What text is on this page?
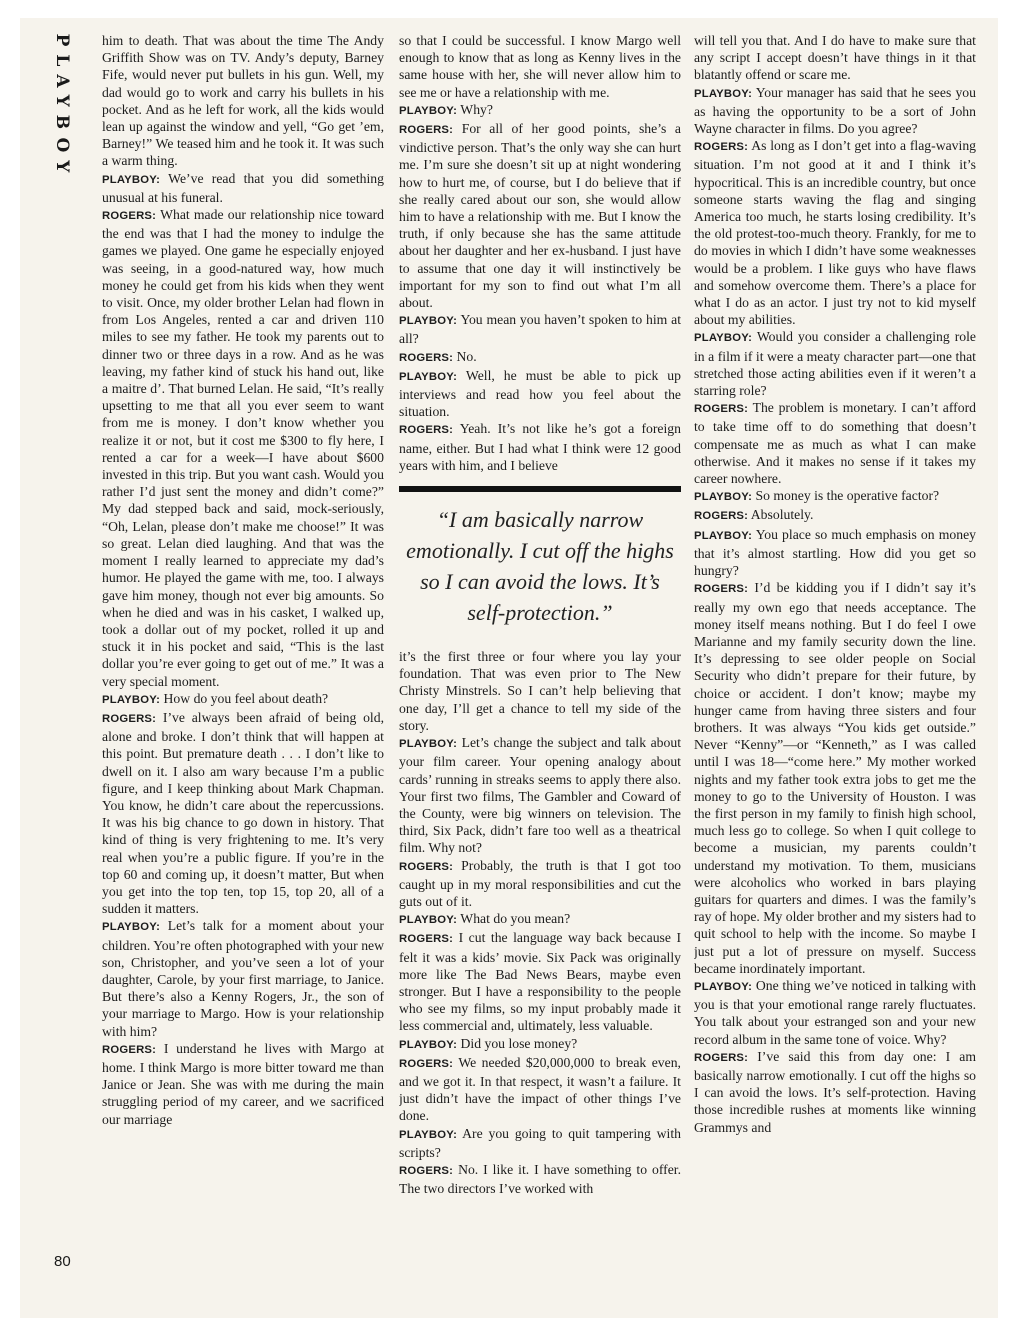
PLAYBOY him to death. That was about the time The Andy Griffith Show was on TV. Andy’s deputy, Barney Fife, would never put bullets in his gun. Well, my dad would go to work and carry his bullets in his pocket. And as he left for work, all the kids would lean up against the window and yell, “Go get ’em, Barney!” We teased him and he took it. It was such a warm thing.

PLAYBOY: We’ve read that you did something unusual at his funeral.

ROGERS: What made our relationship nice toward the end was that I had the money to indulge the games we played. One game he especially enjoyed was seeing, in a good-natured way, how much money he could get from his kids when they went to visit. Once, my older brother Lelan had flown in from Los Angeles, rented a car and driven 110 miles to see my father. He took my parents out to dinner two or three days in a row. And as he was leaving, my father kind of stuck his hand out, like a maitre d’. That burned Lelan. He said, “It’s really upsetting to me that all you ever seem to want from me is money. I don’t know whether you realize it or not, but it cost me $300 to fly here, I rented a car for a week—I have about $600 invested in this trip. But you want cash. Would you rather I’d just sent the money and didn’t come?” My dad stepped back and said, mock-seriously, “Oh, Lelan, please don’t make me choose!” It was so great. Lelan died laughing. And that was the moment I really learned to appreciate my dad’s humor. He played the game with me, too. I always gave him money, though not ever big amounts. So when he died and was in his casket, I walked up, took a dollar out of my pocket, rolled it up and stuck it in his pocket and said, “This is the last dollar you’re ever going to get out of me.” It was a very special moment.

PLAYBOY: How do you feel about death?

ROGERS: I’ve always been afraid of being old, alone and broke. I don’t think that will happen at this point. But premature death . . . I don’t like to dwell on it. I also am wary because I’m a public figure, and I keep thinking about Mark Chapman. You know, he didn’t care about the repercussions. It was his big chance to go down in history. That kind of thing is very frightening to me. It’s very real when you’re a public figure. If you’re in the top 60 and coming up, it doesn’t matter, But when you get into the top ten, top 15, top 20, all of a sudden it matters.

PLAYBOY: Let’s talk for a moment about your children. You’re often photographed with your new son, Christopher, and you’ve seen a lot of your daughter, Carole, by your first marriage, to Janice. But there’s also a Kenny Rogers, Jr., the son of your marriage to Margo. How is your relationship with him?

ROGERS: I understand he lives with Margo at home. I think Margo is more bitter toward me than Janice or Jean. She was with me during the main struggling period of my career, and we sacrificed our marriage

so that I could be successful. I know Margo well enough to know that as long as Kenny lives in the same house with her, she will never allow him to see me or have a relationship with me.

PLAYBOY: Why?

ROGERS: For all of her good points, she’s a vindictive person. That’s the only way she can hurt me. I’m sure she doesn’t sit up at night wondering how to hurt me, of course, but I do believe that if she really cared about our son, she would allow him to have a relationship with me. But I know the truth, if only because she has the same attitude about her daughter and her ex-husband. I just have to assume that one day it will instinctively be important for my son to find out what I’m all about.

PLAYBOY: You mean you haven’t spoken to him at all?

ROGERS: No.

PLAYBOY: Well, he must be able to pick up interviews and read how you feel about the situation.

ROGERS: Yeah. It’s not like he’s got a foreign name, either. But I had what I think were 12 good years with him, and I believe

“I am basically narrow emotionally. I cut off the highs so I can avoid the lows. It’s self-protection.”

it’s the first three or four where you lay your foundation. That was even prior to The New Christy Minstrels. So I can’t help believing that one day, I’ll get a chance to tell my side of the story.

PLAYBOY: Let’s change the subject and talk about your film career. Your opening analogy about cards’ running in streaks seems to apply there also. Your first two films, The Gambler and Coward of the County, were big winners on television. The third, Six Pack, didn’t fare too well as a theatrical film. Why not?

ROGERS: Probably, the truth is that I got too caught up in my moral responsibilities and cut the guts out of it.

PLAYBOY: What do you mean?

ROGERS: I cut the language way back because I felt it was a kids’ movie. Six Pack was originally more like The Bad News Bears, maybe even stronger. But I have a responsibility to the people who see my films, so my input probably made it less commercial and, ultimately, less valuable.

PLAYBOY: Did you lose money?

ROGERS: We needed $20,000,000 to break even, and we got it. In that respect, it wasn’t a failure. It just didn’t have the impact of other things I’ve done.

PLAYBOY: Are you going to quit tampering with scripts?

ROGERS: No. I like it. I have something to offer. The two directors I’ve worked with

will tell you that. And I do have to make sure that any script I accept doesn’t have things in it that blatantly offend or scare me.

PLAYBOY: Your manager has said that he sees you as having the opportunity to be a sort of John Wayne character in films. Do you agree?

ROGERS: As long as I don’t get into a flag-waving situation. I’m not good at it and I think it’s hypocritical. This is an incredible country, but once someone starts waving the flag and singing America too much, he starts losing credibility. It’s the old protest-too-much theory. Frankly, for me to do movies in which I didn’t have some weaknesses would be a problem. I like guys who have flaws and somehow overcome them. There’s a place for what I do as an actor. I just try not to kid myself about my abilities.

PLAYBOY: Would you consider a challenging role in a film if it were a meaty character part—one that stretched those acting abilities even if it weren’t a starring role?

ROGERS: The problem is monetary. I can’t afford to take time off to do something that doesn’t compensate me as much as what I can make otherwise. And it makes no sense if it takes my career nowhere.

PLAYBOY: So money is the operative factor?

ROGERS: Absolutely.

PLAYBOY: You place so much emphasis on money that it’s almost startling. How did you get so hungry?

ROGERS: I’d be kidding you if I didn’t say it’s really my own ego that needs acceptance. The money itself means nothing. But I do feel I owe Marianne and my family security down the line. It’s depressing to see older people on Social Security who didn’t prepare for their future, by choice or accident. I don’t know; maybe my hunger came from having three sisters and four brothers. It was always “You kids get outside.” Never “Kenny”—or “Kenneth,” as I was called until I was 18—“come here.” My mother worked nights and my father took extra jobs to get me the money to go to the University of Houston. I was the first person in my family to finish high school, much less go to college. So when I quit college to become a musician, my parents couldn’t understand my motivation. To them, musicians were alcoholics who worked in bars playing guitars for quarters and dimes. I was the family’s ray of hope. My older brother and my sisters had to quit school to help with the income. So maybe I just put a lot of pressure on myself. Success became inordinately important.

PLAYBOY: One thing we’ve noticed in talking with you is that your emotional range rarely fluctuates. You talk about your estranged son and your new record album in the same tone of voice. Why?

ROGERS: I’ve said this from day one: I am basically narrow emotionally. I cut off the highs so I can avoid the lows. It’s self-protection. Having those incredible rushes at moments like winning Grammys and

80
